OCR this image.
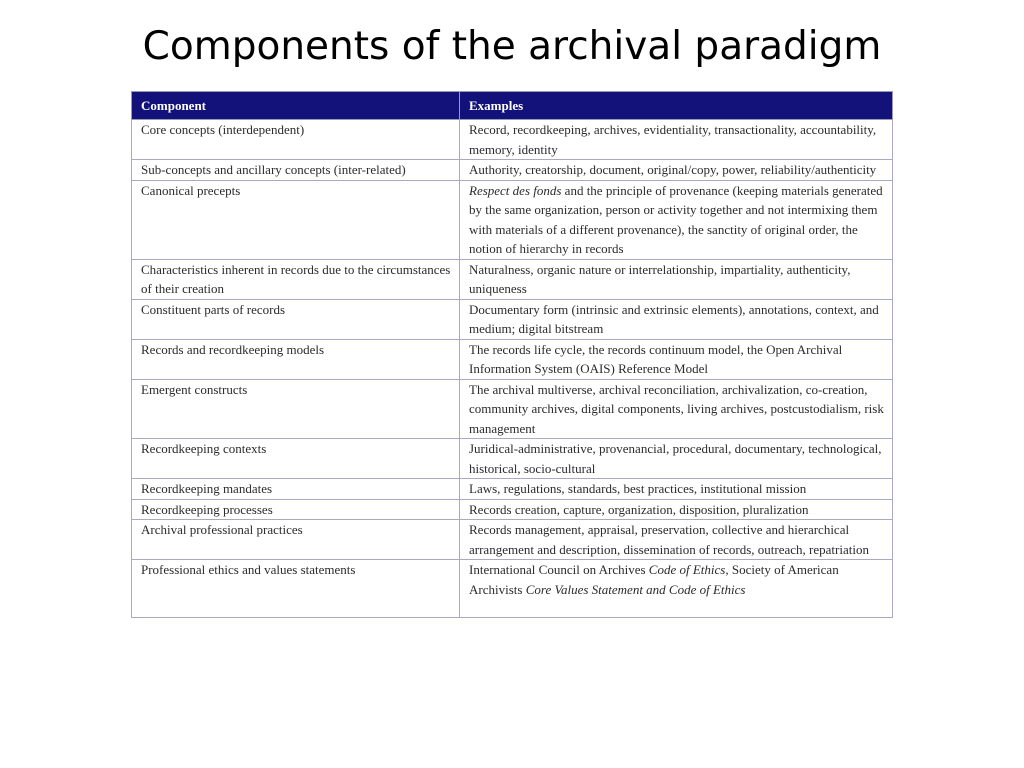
Components of the archival paradigm
Component	Examples
Core concepts (interdependent)	Record, recordkeeping, archives, evidentiality, transactionality, accountability, memory, identity
Sub-concepts and ancillary concepts (inter-related)	Authority, creatorship, document, original/copy, power, reliability/authenticity
Canonical precepts	Respect des fonds and the principle of provenance (keeping materials generated by the same organization, person or activity together and not intermixing them with materials of a different provenance), the sanctity of original order, the notion of hierarchy in records
Characteristics inherent in records due to the circumstances of their creation	Naturalness, organic nature or interrelationship, impartiality, authenticity, uniqueness
Constituent parts of records	Documentary form (intrinsic and extrinsic elements), annotations, context, and medium; digital bitstream
Records and recordkeeping models	The records life cycle, the records continuum model, the Open Archival Information System (OAIS) Reference Model
Emergent constructs	The archival multiverse, archival reconciliation, archivalization, co-creation, community archives, digital components, living archives, postcustodialism, risk management
Recordkeeping contexts	Juridical-administrative, provenancial, procedural, documentary, technological, historical, socio-cultural
Recordkeeping mandates	Laws, regulations, standards, best practices, institutional mission
Recordkeeping processes	Records creation, capture, organization, disposition, pluralization
Archival professional practices	Records management, appraisal, preservation, collective and hierarchical arrangement and description, dissemination of records, outreach, repatriation
Professional ethics and values statements	International Council on Archives Code of Ethics, Society of American Archivists Core Values Statement and Code of Ethics
